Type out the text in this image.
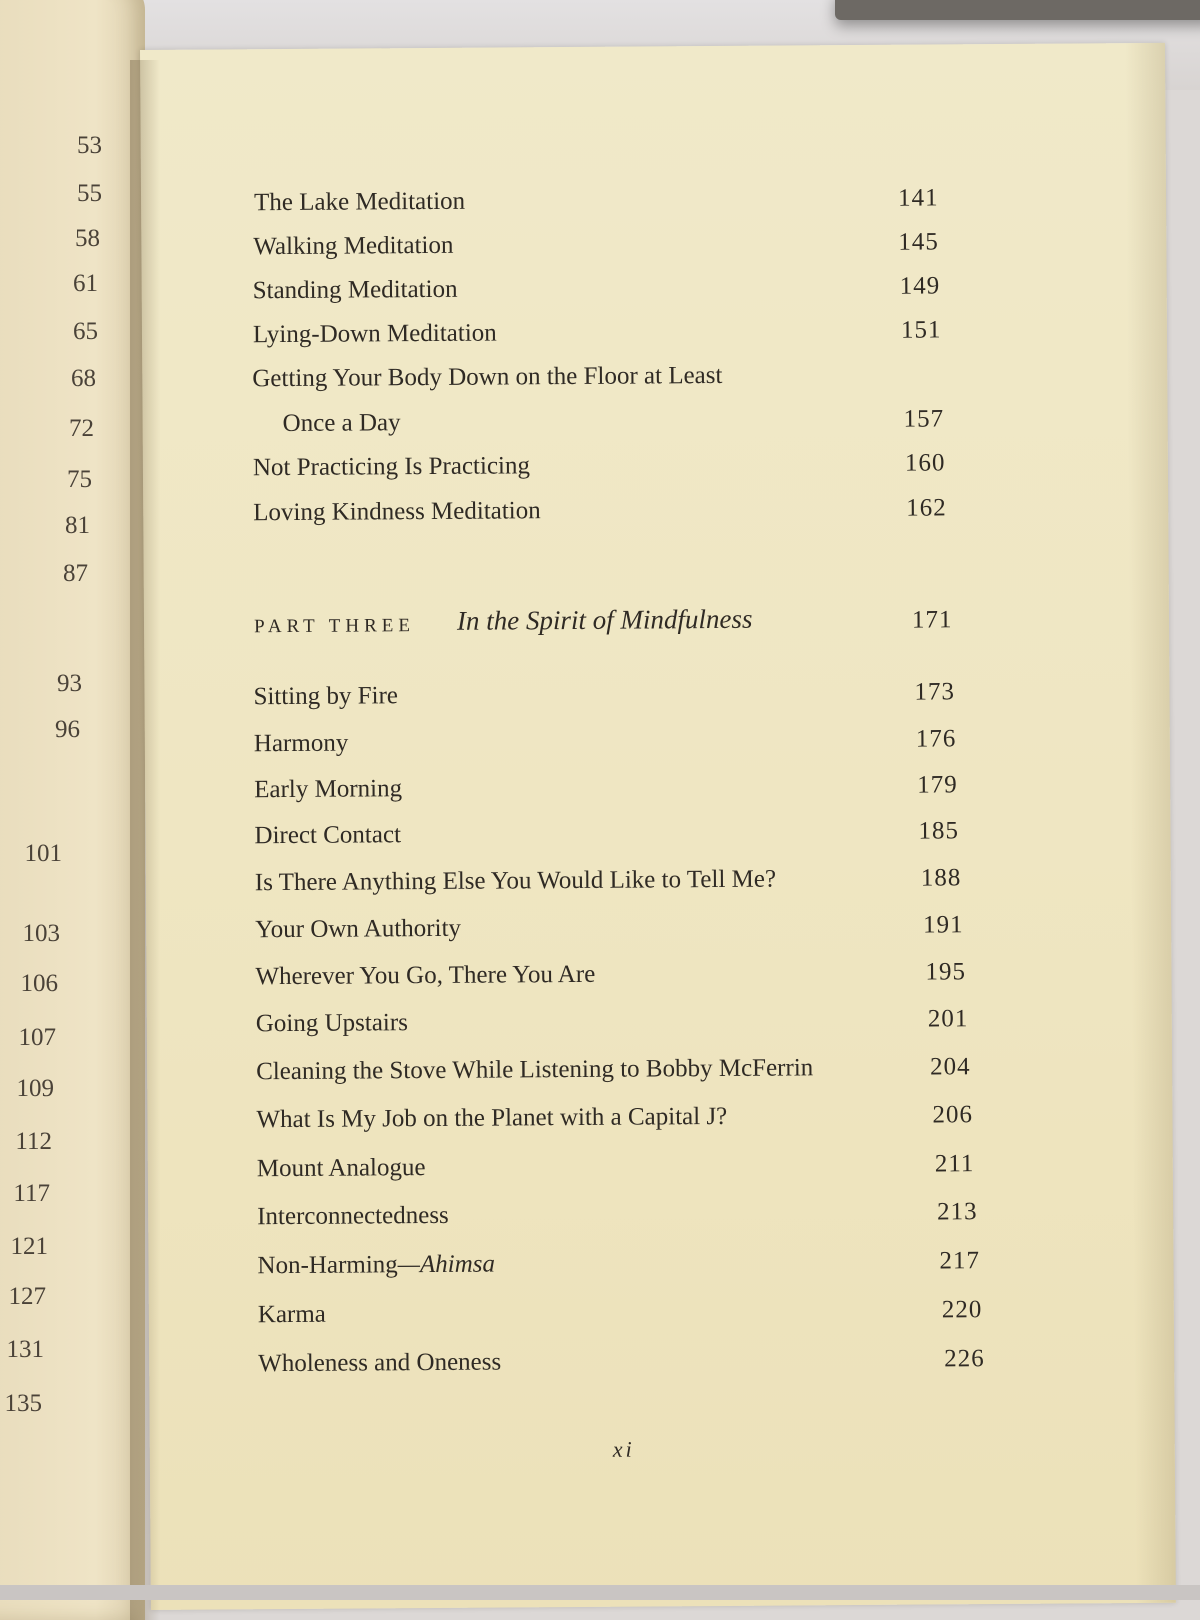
53
55
58
61
65
68
72
75
81
87
93
96
101
103
106
107
109
112
117
121
127
131
135
The Lake Meditation	141
Walking Meditation	145
Standing Meditation	149
Lying-Down Meditation	151
Getting Your Body Down on the Floor at Least
Once a Day	157
Not Practicing Is Practicing	160
Loving Kindness Meditation	162
PART THREE In the Spirit of Mindfulness	171
Sitting by Fire	173
Harmony	176
Early Morning	179
Direct Contact	185
Is There Anything Else You Would Like to Tell Me?	188
Your Own Authority	191
Wherever You Go, There You Are	195
Going Upstairs	201
Cleaning the Stove While Listening to Bobby McFerrin	204
What Is My Job on the Planet with a Capital J?	206
Mount Analogue	211
Interconnectedness	213
Non-Harming—Ahimsa	217
Karma	220
Wholeness and Oneness	226
xi
